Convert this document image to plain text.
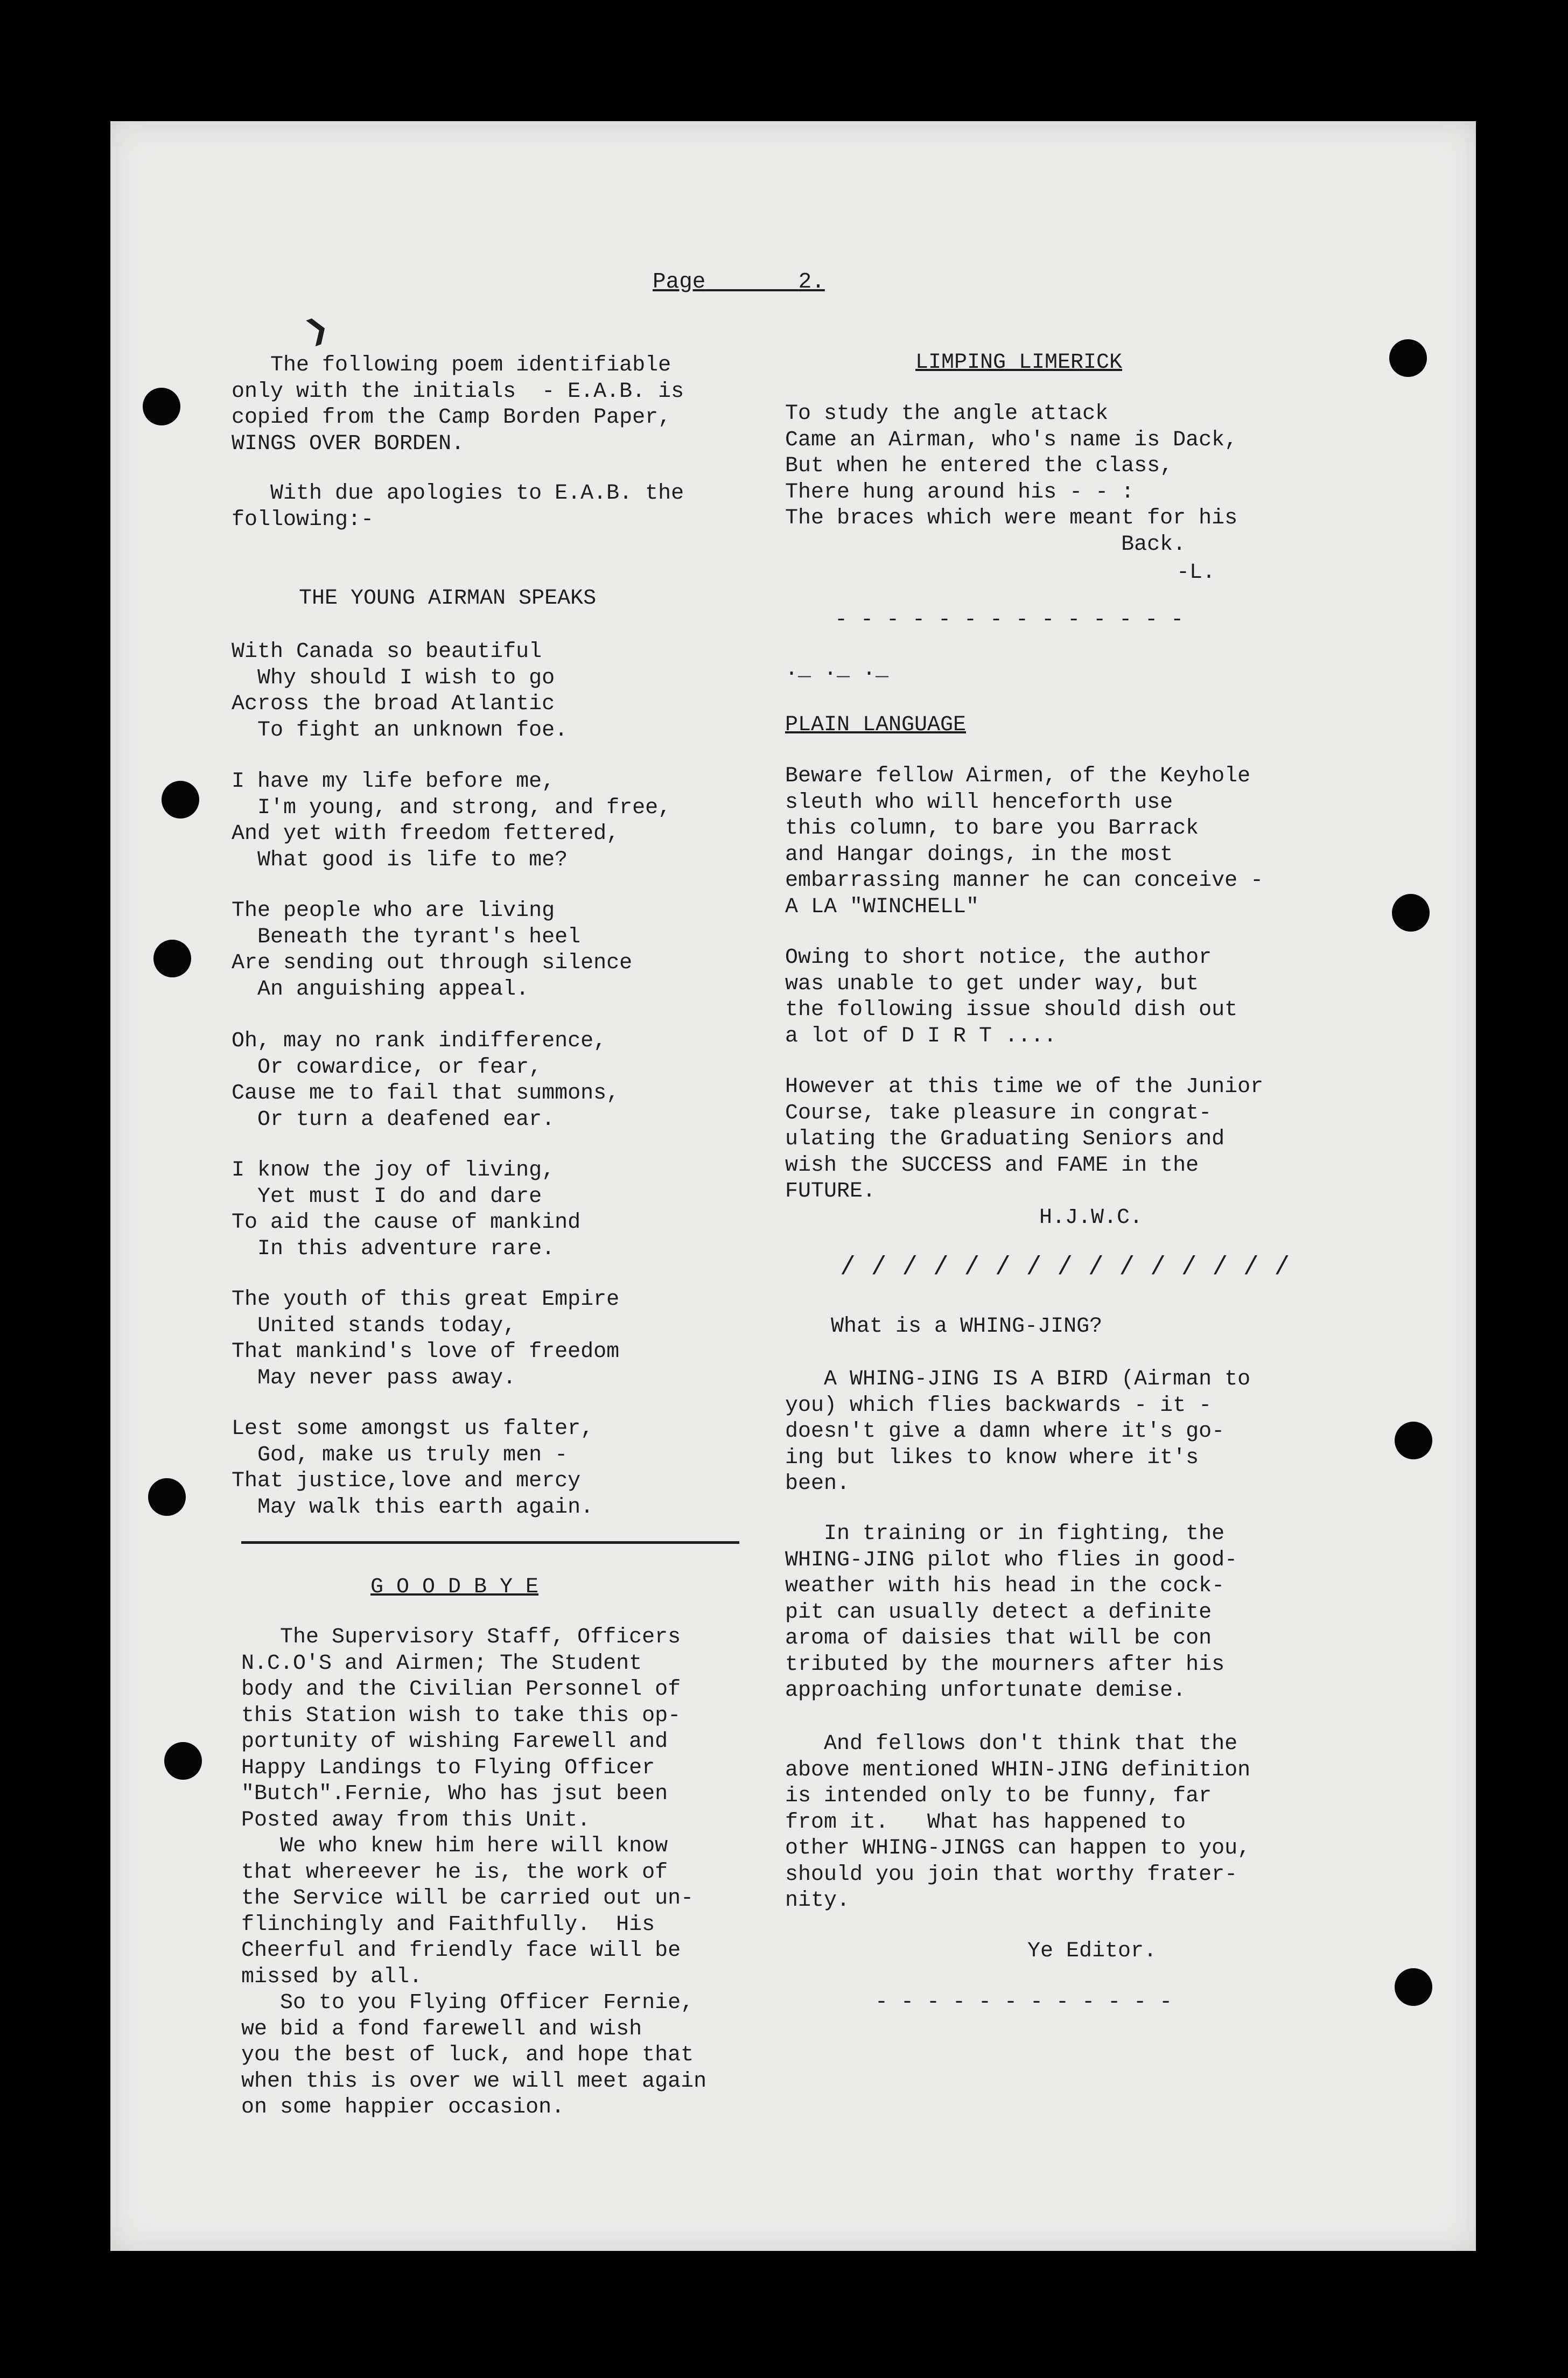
❯
Page	2.
The following poem identifiable
only with the initials  - E.A.B. is
copied from the Camp Borden Paper,
WINGS OVER BORDEN.
With due apologies to E.A.B. the
following:-
THE YOUNG AIRMAN SPEAKS
With Canada so beautiful
Why should I wish to go
Across the broad Atlantic
To fight an unknown foe.
I have my life before me,
I'm young, and strong, and free,
And yet with freedom fettered,
What good is life to me?
The people who are living
Beneath the tyrant's heel
Are sending out through silence
An anguishing appeal.
Oh, may no rank indifference,
Or cowardice, or fear,
Cause me to fail that summons,
Or turn a deafened ear.
I know the joy of living,
Yet must I do and dare
To aid the cause of mankind
In this adventure rare.
The youth of this great Empire
United stands today,
That mankind's love of freedom
May never pass away.
Lest some amongst us falter,
God, make us truly men -
That justice,love and mercy
May walk this earth again.
G O O D B Y E
The Supervisory Staff, Officers
N.C.O'S and Airmen; The Student
body and the Civilian Personnel of
this Station wish to take this op-
portunity of wishing Farewell and
Happy Landings to Flying Officer
"Butch".Fernie, Who has jsut been
Posted away from this Unit.
We who knew him here will know
that whereever he is, the work of
the Service will be carried out un-
flinchingly and Faithfully.  His
Cheerful and friendly face will be
missed by all.
So to you Flying Officer Fernie,
we bid a fond farewell and wish
you the best of luck, and hope that
when this is over we will meet again
on some happier occasion.
LIMPING LIMERICK
To study the angle attack
Came an Airman, who's name is Dack,
But when he entered the class,
There hung around his - - :
The braces which were meant for his
Back.
-L.
- - - - - - - - - - - - - -
._ ._ ._
PLAIN LANGUAGE
Beware fellow Airmen, of the Keyhole
sleuth who will henceforth use
this column, to bare you Barrack
and Hangar doings, in the most
embarrassing manner he can conceive -
A LA "WINCHELL"
Owing to short notice, the author
was unable to get under way, but
the following issue should dish out
a lot of D I R T ....
However at this time we of the Junior
Course, take pleasure in congrat-
ulating the Graduating Seniors and
wish the SUCCESS and FAME in the
FUTURE.
H.J.W.C.
/ / / / / / / / / / / / / / /
What is a WHING-JING?
A WHING-JING IS A BIRD (Airman to
you) which flies backwards - it -
doesn't give a damn where it's go-
ing but likes to know where it's
been.
In training or in fighting, the
WHING-JING pilot who flies in good-
weather with his head in the cock-
pit can usually detect a definite
aroma of daisies that will be con
tributed by the mourners after his
approaching unfortunate demise.
And fellows don't think that the
above mentioned WHIN-JING definition
is intended only to be funny, far
from it.   What has happened to
other WHING-JINGS can happen to you,
should you join that worthy frater-
nity.
Ye Editor.
- - - - - - - - - - - -
